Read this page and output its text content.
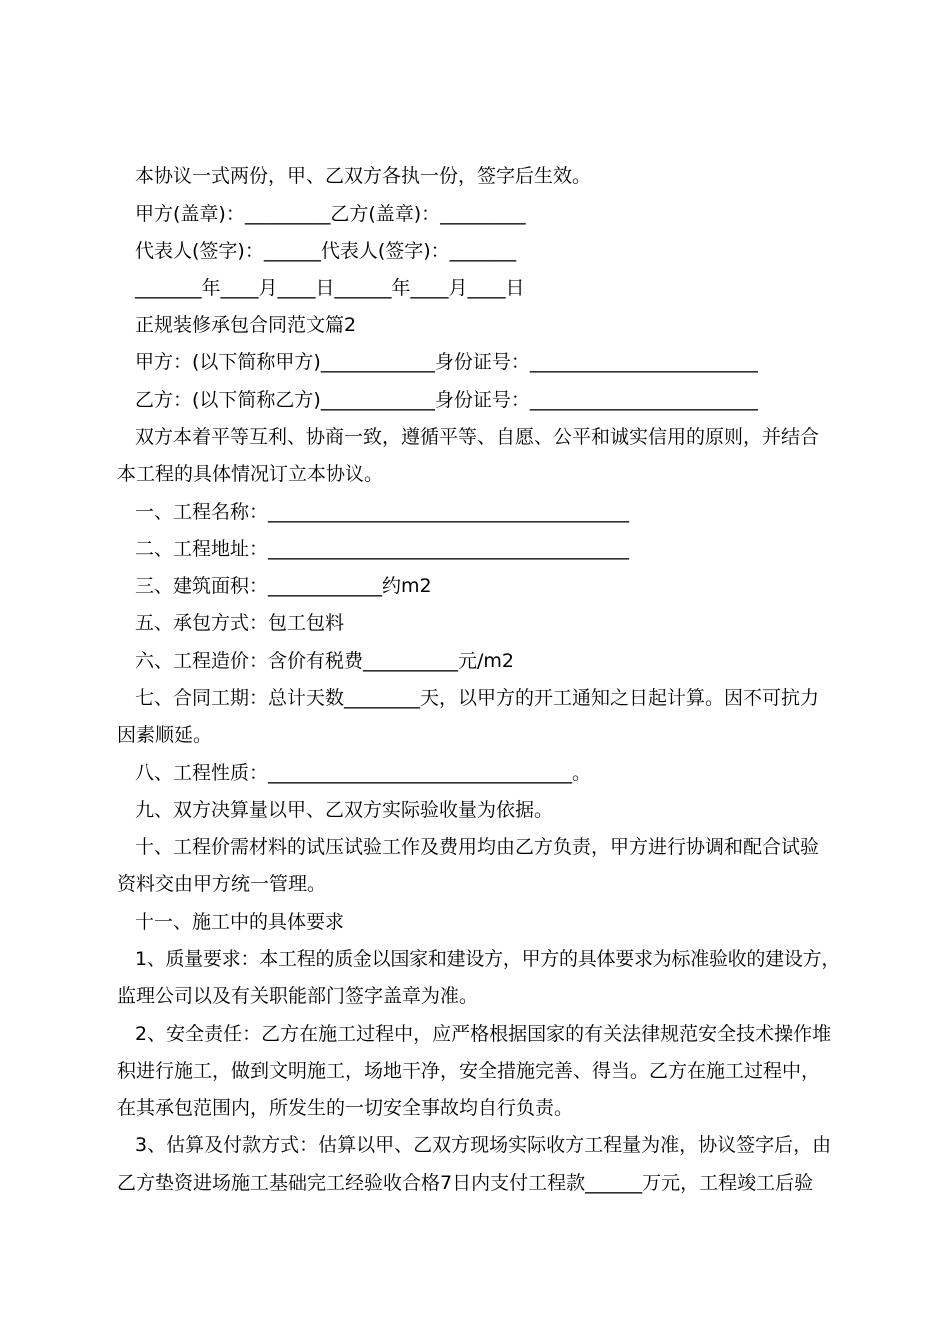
本协议一式两份，甲、乙双方各执一份，签字后生效。
甲方(盖章)：_________乙方(盖章)：_________
代表人(签字)：______代表人(签字)：_______
_______年____月____日______年____月____日
正规装修承包合同范文篇2
甲方：(以下简称甲方)____________身份证号：________________________
乙方：(以下简称乙方)____________身份证号：________________________
双方本着平等互利、协商一致，遵循平等、自愿、公平和诚实信用的原则，并结合
本工程的具体情况订立本协议。
一、工程名称：______________________________________
二、工程地址：______________________________________
三、建筑面积：____________约m2
五、承包方式：包工包料
六、工程造价：含价有税费__________元/m2
七、合同工期：总计天数________天，以甲方的开工通知之日起计算。因不可抗力
因素顺延。
八、工程性质：________________________________。
九、双方决算量以甲、乙双方实际验收量为依据。
十、工程价需材料的试压试验工作及费用均由乙方负责，甲方进行协调和配合试验
资料交由甲方统一管理。
十一、施工中的具体要求
1、质量要求：本工程的质金以国家和建设方，甲方的具体要求为标准验收的建设方，
监理公司以及有关职能部门签字盖章为准。
2、安全责任：乙方在施工过程中，应严格根据国家的有关法律规范安全技术操作堆
积进行施工，做到文明施工，场地干净，安全措施完善、得当。乙方在施工过程中，
在其承包范围内，所发生的一切安全事故均自行负责。
3、估算及付款方式：估算以甲、乙双方现场实际收方工程量为准，协议签字后，由
乙方垫资进场施工基础完工经验收合格7日内支付工程款______万元，工程竣工后验
